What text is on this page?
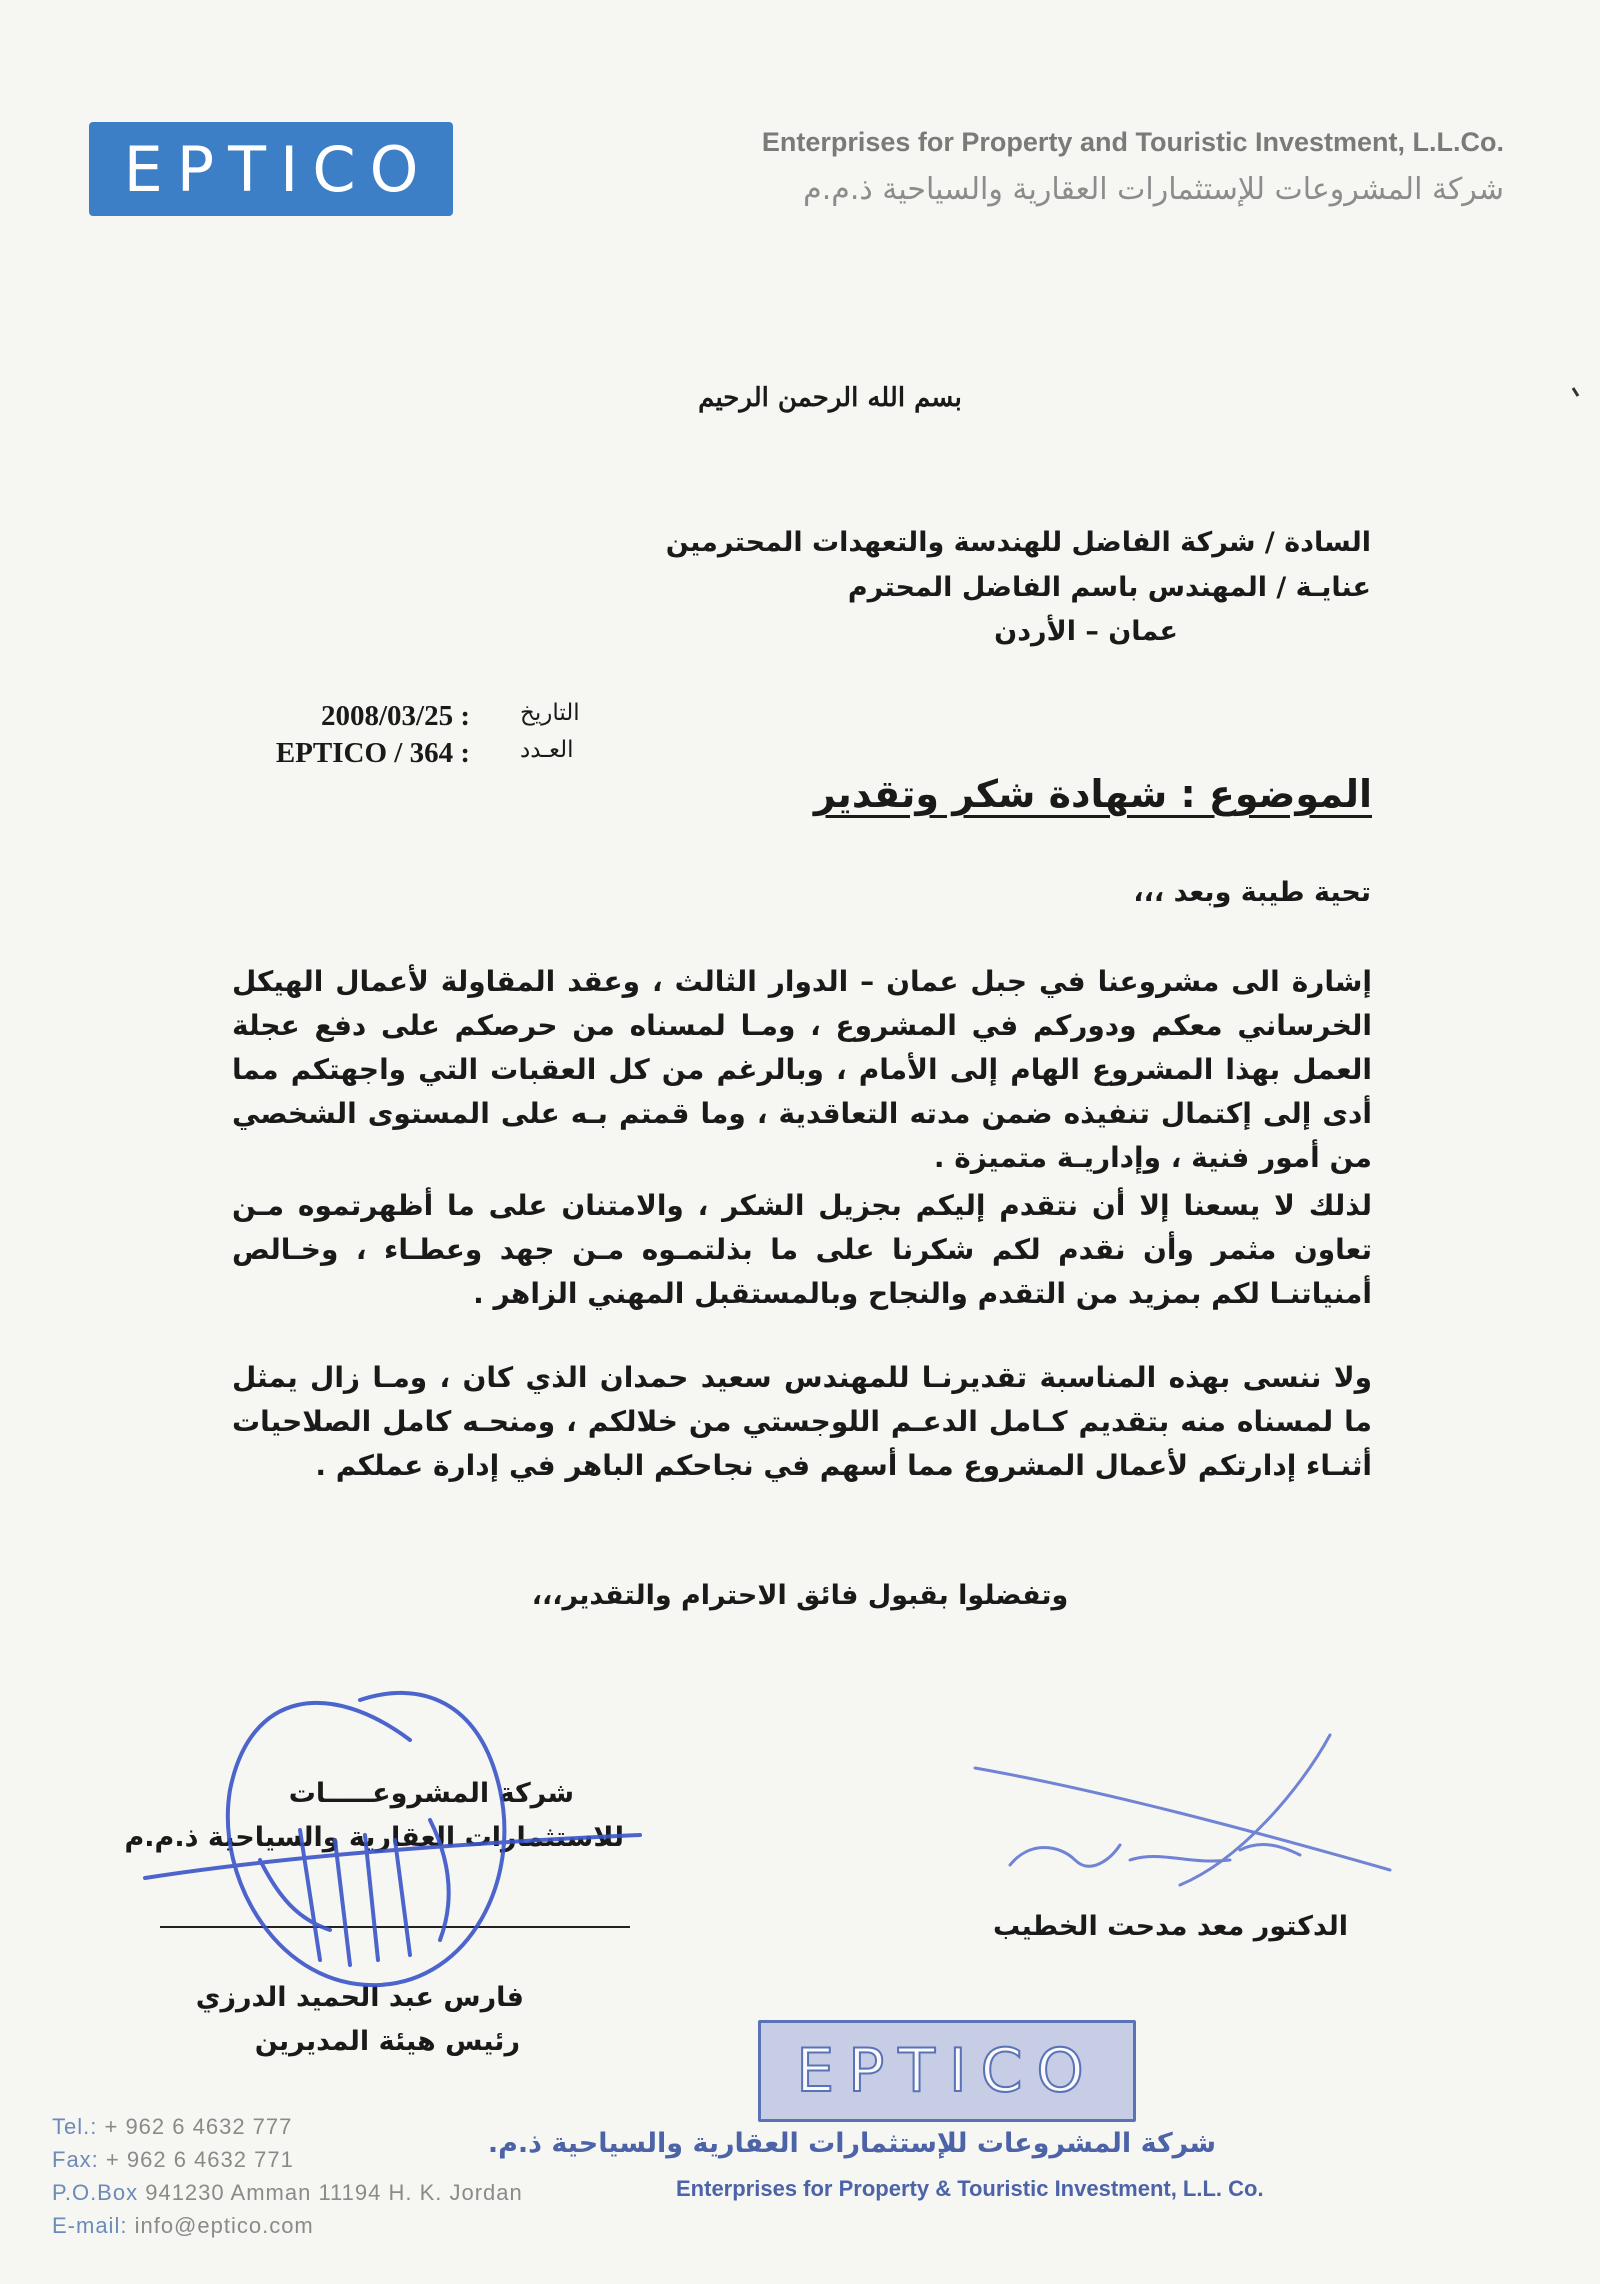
EPTICO	Enterprises for Property and Touristic Investment, L.L.Co.
شركة المشروعات للإستثمارات العقارية والسياحية ذ.م.م
بسم الله الرحمن الرحيم
السادة / شركة الفاضل للهندسة والتعهدات المحترمين
عنايـة / المهندس باسم الفاضل المحترم
عمان – الأردن
2008/03/25 : التاريخ
EPTICO / 364 : العـدد
الموضوع : شهادة شكر وتقدير
تحية طيبة وبعد ،،،
إشارة الى مشروعنا في جبل عمان – الدوار الثالث ، وعقد المقاولة لأعمال الهيكل الخرساني معكم ودوركم في المشروع ، ومـا لمسناه من حرصكم على دفع عجلة العمل بهذا المشروع الهام إلى الأمام ، وبالرغم من كل العقبات التي واجهتكم مما أدى إلى إكتمال تنفيذه ضمن مدته التعاقدية ، وما قمتم بـه على المستوى الشخصي من أمور فنية ، وإداريـة متميزة .
لذلك لا يسعنا إلا أن نتقدم إليكم بجزيل الشكر ، والامتنان على ما أظهرتموه مـن تعاون مثمر وأن نقدم لكم شكرنا على ما بذلتمـوه مـن جهد وعطـاء ، وخـالص أمنياتنـا لكم بمزيد من التقدم والنجاح وبالمستقبل المهني الزاهر .
ولا ننسى بهذه المناسبة تقديرنـا للمهندس سعيد حمدان الذي كان ، ومـا زال يمثل ما لمسناه منه بتقديم كـامل الدعـم اللوجستي من خلالكم ، ومنحـه كامل الصلاحيات أثنـاء إدارتكم لأعمال المشروع مما أسهم في نجاحكم الباهر في إدارة عملكم .
وتفضلوا بقبول فائق الاحترام والتقدير،،،
شركة المشروعـــــات
للاستثمارات العقارية والسياحية ذ.م.م
فارس عبد الحميد الدرزي
رئيس هيئة المديرين
الدكتور معد مدحت الخطيب
EPTICO
شركة المشروعات للإستثمارات العقارية والسياحية ذ.م.
Enterprises for Property & Touristic Investment, L.L. Co.
Tel.: + 962 6 4632 777
Fax: + 962 6 4632 771
P.O.Box 941230 Amman 11194 H. K. Jordan
E-mail: info@eptico.com
